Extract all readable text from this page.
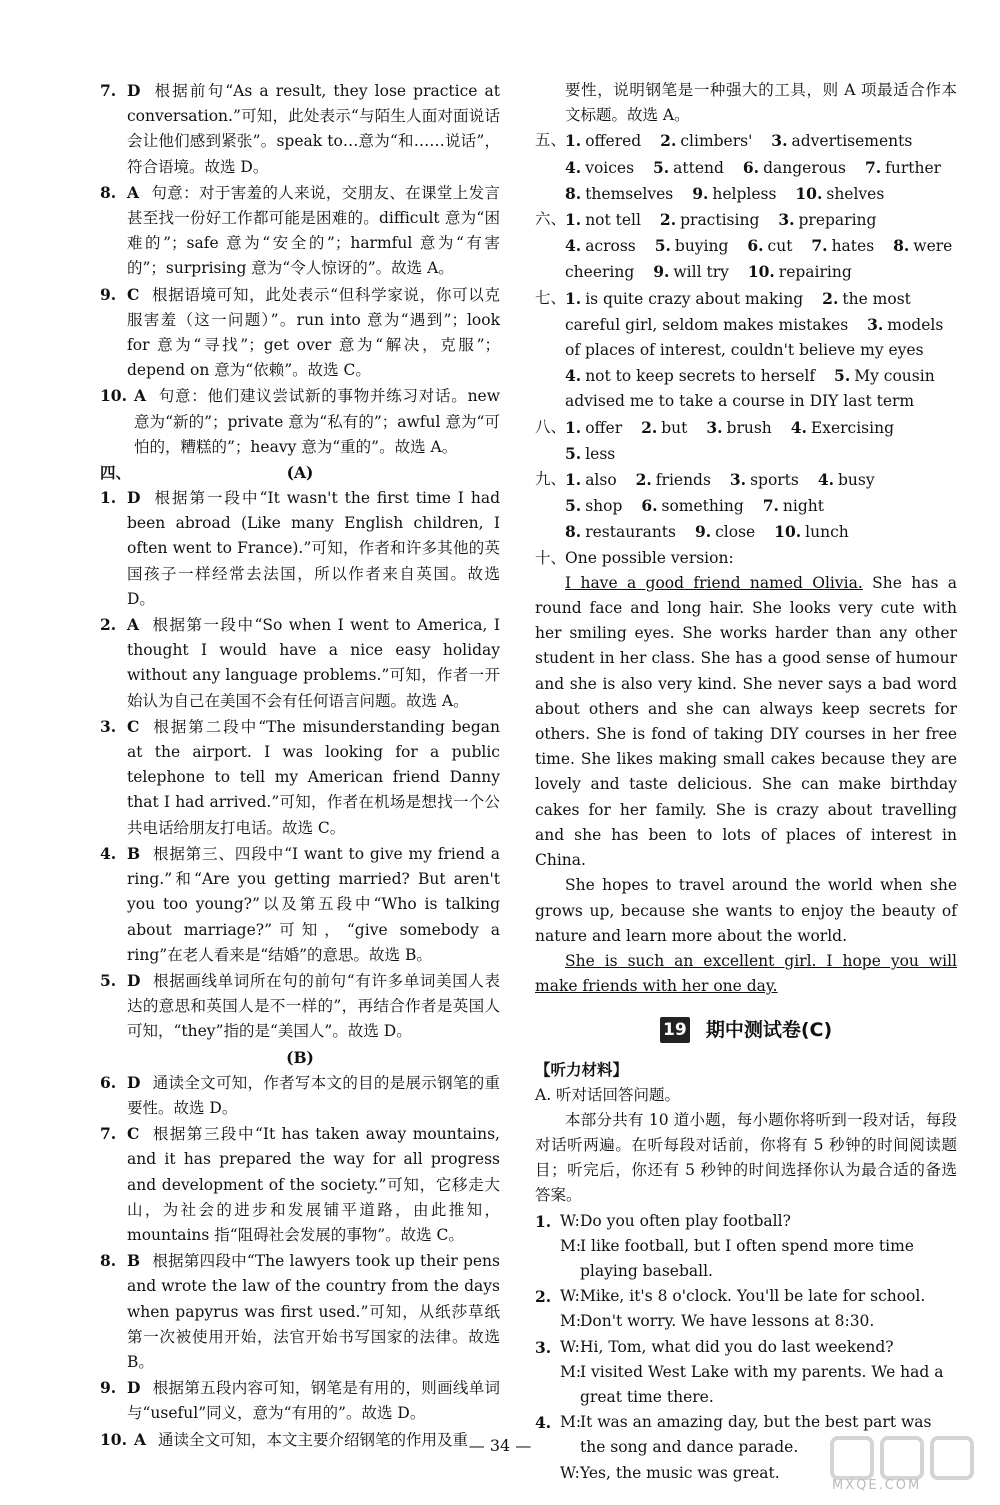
7. D 根据前句“As a result, they lose practice at conversation.”可知，此处表示“与陌生人面对面说话会让他们感到紧张”。speak to…意为“和……说话”，符合语境。故选 D。
8. A 句意：对于害羞的人来说，交朋友、在课堂上发言甚至找一份好工作都可能是困难的。difficult 意为“困难的”；safe 意为“安全的”；harmful 意为“有害的”；surprising 意为“令人惊讶的”。故选 A。
9. C 根据语境可知，此处表示“但科学家说，你可以克服害羞（这一问题）”。run into 意为“遇到”；look for 意为“寻找”；get over 意为“解决，克服”；depend on 意为“依赖”。故选 C。
10. A 句意：他们建议尝试新的事物并练习对话。new 意为“新的”；private 意为“私有的”；awful 意为“可怕的，糟糕的”；heavy 意为“重的”。故选 A。
四、	(A)
1. D 根据第一段中“It wasn't the first time I had been abroad (Like many English children, I often went to France).”可知，作者和许多其他的英国孩子一样经常去法国，所以作者来自英国。故选 D。
2. A 根据第一段中“So when I went to America, I thought I would have a nice easy holiday without any language problems.”可知，作者一开始认为自己在美国不会有任何语言问题。故选 A。
3. C 根据第二段中“The misunderstanding began at the airport. I was looking for a public telephone to tell my American friend Danny that I had arrived.”可知，作者在机场是想找一个公共电话给朋友打电话。故选 C。
4. B 根据第三、四段中“I want to give my friend a ring.”和“Are you getting married? But aren't you too young?”以及第五段中“Who is talking about marriage?”可知，“give somebody a ring”在老人看来是“结婚”的意思。故选 B。
5. D 根据画线单词所在句的前句“有许多单词美国人表达的意思和英国人是不一样的”，再结合作者是英国人可知，“they”指的是“美国人”。故选 D。
(B)
6. D 通读全文可知，作者写本文的目的是展示钢笔的重要性。故选 D。
7. C 根据第三段中“It has taken away mountains, and it has prepared the way for all progress and development of the society.”可知，它移走大山，为社会的进步和发展铺平道路，由此推知，mountains 指“阻碍社会发展的事物”。故选 C。
8. B 根据第四段中“The lawyers took up their pens and wrote the law of the country from the days when papyrus was first used.”可知，从纸莎草纸第一次被使用开始，法官开始书写国家的法律。故选 B。
9. D 根据第五段内容可知，钢笔是有用的，则画线单词与“useful”同义，意为“有用的”。故选 D。
10. A 通读全文可知，本文主要介绍钢笔的作用及重
要性，说明钢笔是一种强大的工具，则 A 项最适合作本文标题。故选 A。
五、
1. offered 2. climbers' 3. advertisements 4. voices 5. attend 6. dangerous 7. further 8. themselves 9. helpless 10. shelves
六、
1. not tell 2. practising 3. preparing 4. across 5. buying 6. cut 7. hates 8. were cheering 9. will try 10. repairing
七、
1. is quite crazy about making 2. the most careful girl, seldom makes mistakes 3. models of places of interest, couldn't believe my eyes 4. not to keep secrets to herself 5. My cousin advised me to take a course in DIY last term
八、
1. offer 2. but 3. brush 4. Exercising 5. less
九、
1. also 2. friends 3. sports 4. busy 5. shop 6. something 7. night 8. restaurants 9. close 10. lunch
十、
One possible version:
I have a good friend named Olivia. She has a round face and long hair. She looks very cute with her smiling eyes. She works harder than any other student in her class. She has a good sense of humour and she is also very kind. She never says a bad word about others and she can always keep secrets for others. She is fond of taking DIY courses in her free time. She likes making small cakes because they are lovely and taste delicious. She can make birthday cakes for her family. She is crazy about travelling and she has been to lots of places of interest in China.
She hopes to travel around the world when she grows up, because she wants to enjoy the beauty of nature and learn more about the world.
She is such an excellent girl. I hope you will make friends with her one day.
19 期中测试卷(C)
【听力材料】
A. 听对话回答问题。
本部分共有 10 道小题，每小题你将听到一段对话，每段对话听两遍。在听每段对话前，你将有 5 秒钟的时间阅读题目；听完后，你还有 5 秒钟的时间选择你认为最合适的备选答案。
1. W: Do you often play football?
M:
I like football, but I often spend more time playing baseball.
2. W: Mike, it's 8 o'clock. You'll be late for school.
M:
Don't worry. We have lessons at 8:30.
3. W: Hi, Tom, what did you do last weekend?
M:
I visited West Lake with my parents. We had a great time there.
4. M:
It was an amazing day, but the best part was the song and dance parade.
W: Yes, the music was great.
— 34 —
MXQE.COM
